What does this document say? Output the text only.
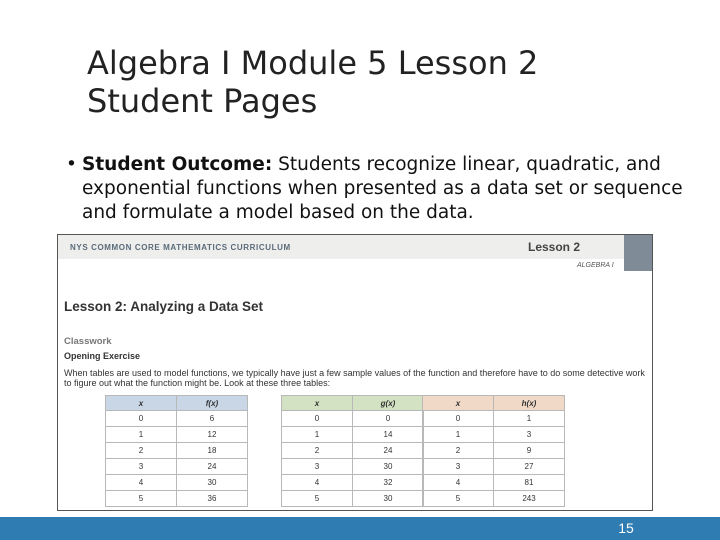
Algebra I Module 5 Lesson 2
Student Pages
• Student Outcome: Students recognize linear, quadratic, and exponential functions when presented as a data set or sequence and formulate a model based on the data.
NYS COMMON CORE MATHEMATICS CURRICULUM	Lesson 2
ALGEBRA I
Lesson 2: Analyzing a Data Set
Classwork
Opening Exercise
When tables are used to model functions, we typically have just a few sample values of the function and therefore have to do some detective work to figure out what the function might be. Look at these three tables:
x	f(x)
0	6
1	12
2	18
3	24
4	30
5	36
x	g(x)
0	0
1	14
2	24
3	30
4	32
5	30
x	h(x)
0	1
1	3
2	9
3	27
4	81
5	243
15
